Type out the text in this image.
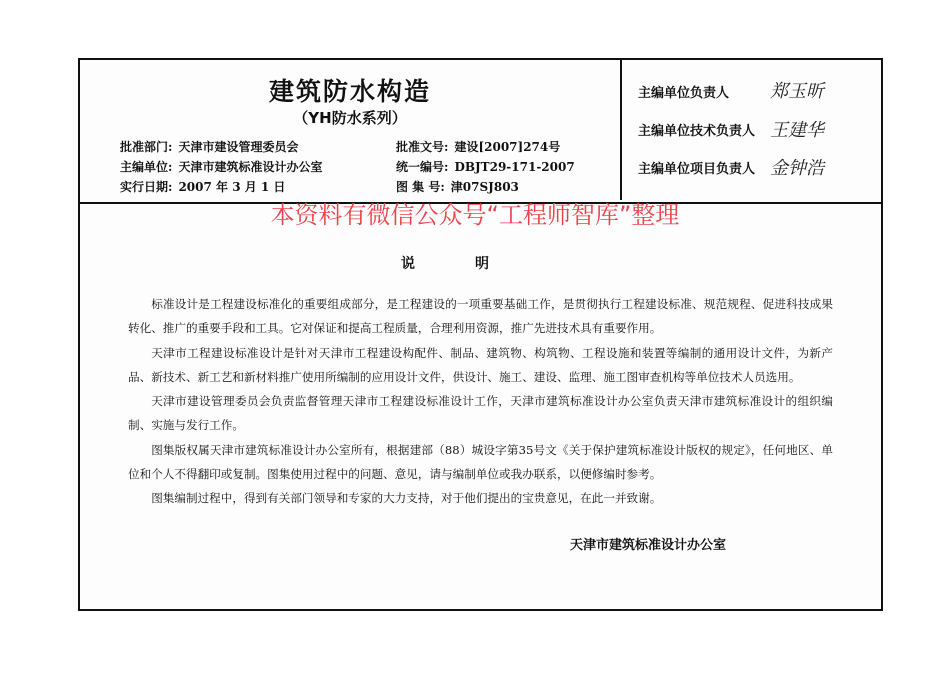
建筑防水构造
（YH防水系列）
批准部门: 天津市建设管理委员会
主编单位: 天津市建筑标准设计办公室
实行日期: 2007 年 3 月 1 日
批准文号: 建设[2007]274号
统一编号: DBJT29-171-2007
图 集 号: 津07SJ803
主编单位负责人 郑玉昕
主编单位技术负责人 王建华
主编单位项目负责人 金钟浩
本资料有微信公众号“工程师智库”整理
说明

标准设计是工程建设标准化的重要组成部分，是工程建设的一项重要基础工作，是贯彻执行工程建设标准、规范规程、促进科技成果转化、推广的重要手段和工具。它对保证和提高工程质量，合理利用资源，推广先进技术具有重要作用。

天津市工程建设标准设计是针对天津市工程建设构配件、制品、建筑物、构筑物、工程设施和装置等编制的通用设计文件，为新产品、新技术、新工艺和新材料推广使用所编制的应用设计文件，供设计、施工、建设、监理、施工图审查机构等单位技术人员选用。

天津市建设管理委员会负责监督管理天津市工程建设标准设计工作，天津市建筑标准设计办公室负责天津市建筑标准设计的组织编制、实施与发行工作。

图集版权属天津市建筑标准设计办公室所有，根据建部（88）城设字第35号文《关于保护建筑标准设计版权的规定》，任何地区、单位和个人不得翻印或复制。图集使用过程中的问题、意见，请与编制单位或我办联系，以便修编时参考。

图集编制过程中，得到有关部门领导和专家的大力支持，对于他们提出的宝贵意见，在此一并致谢。

天津市建筑标准设计办公室
